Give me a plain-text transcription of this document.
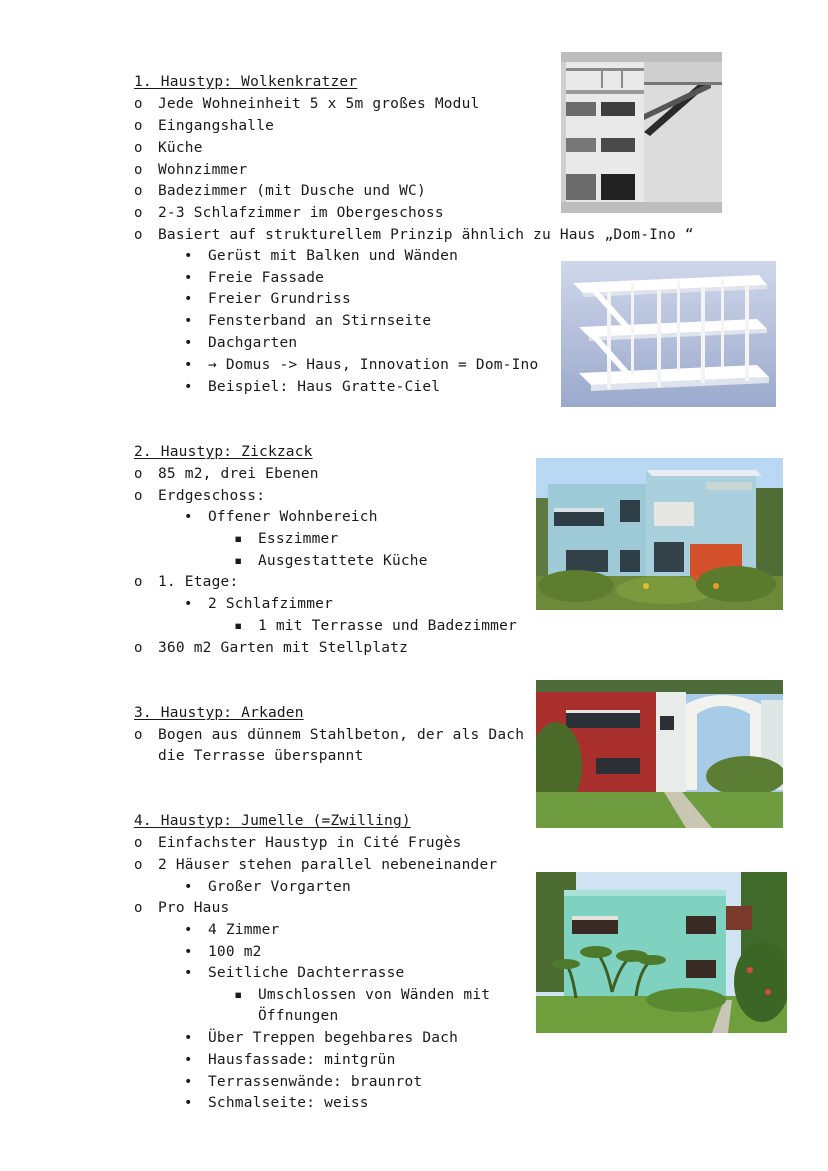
1. Haustyp: Wolkenkratzer
o Jede Wohneinheit 5 x 5m großes Modul
o Eingangshalle
o Küche
o Wohnzimmer
o Badezimmer (mit Dusche und WC)
o 2-3 Schlafzimmer im Obergeschoss
o Basiert auf strukturellem Prinzip ähnlich zu Haus „Dom-Ino “
• Gerüst mit Balken und Wänden
• Freie Fassade
• Freier Grundriss
• Fensterband an Stirnseite
• Dachgarten
• → Domus -> Haus, Innovation = Dom-Ino
• Beispiel: Haus Gratte-Ciel
2. Haustyp: Zickzack
o 85 m2, drei Ebenen
o Erdgeschoss:
• Offener Wohnbereich
▪ Esszimmer
▪ Ausgestattete Küche
o 1. Etage:
• 2 Schlafzimmer
▪ 1 mit Terrasse und Badezimmer
o 360 m2 Garten mit Stellplatz
3. Haustyp: Arkaden
o Bogen aus dünnem Stahlbeton, der als Dach
die Terrasse überspannt
4. Haustyp: Jumelle (=Zwilling)
o Einfachster Haustyp in Cité Frugès
o 2 Häuser stehen parallel nebeneinander
• Großer Vorgarten
o Pro Haus
• 4 Zimmer
• 100 m2
• Seitliche Dachterrasse
▪ Umschlossen von Wänden mit
Öffnungen
• Über Treppen begehbares Dach
• Hausfassade: mintgrün
• Terrassenwände: braunrot
• Schmalseite: weiss
